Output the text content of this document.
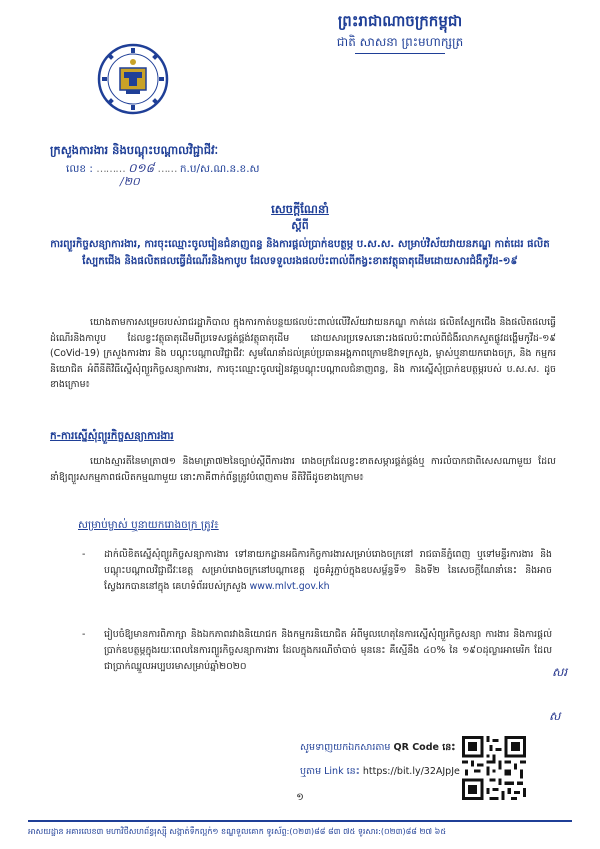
ព្រះរាជាណាចក្រកម្ពុជា
ជាតិ សាសនា ព្រះមហាក្សត្រ
ក្រសួងការងារ និងបណ្តុះបណ្តាលវិជ្ជាជីវៈ
លេខ : ……… ០១៨ …… ក.ប/ស.ណ.ន.ខ.ស
/២០
សេចក្តីណែនាំ
ស្តីពី
ការព្យួរកិច្ចសន្យាការងារ, ការចុះឈ្មោះចូលរៀនជំនាញពន្ធ និងការផ្តល់ប្រាក់ឧបត្ថម្ភ ប.ស.ស. សម្រាប់វិស័យវាយនភណ្ឌ កាត់ដេរ ផលិតស្បែកជើង និងផលិតផលធ្វើដំណើរនិងកាបូប ដែលទទួលរងផលប៉ះពាល់ពីកង្វះខាតវត្ថុធាតុដើមដោយសារជំងឺកូវីដ-១៩
យោងតាមការសម្រេចរបស់រាជរដ្ឋាភិបាល ក្នុងការកាត់បន្ថយផលប៉ះពាល់លើវិស័យវាយនភណ្ឌ កាត់ដេរ ផលិតស្បែកជើង និងផលិតផលធ្វើដំណើរនិងកាបូប ដែលខ្វះវត្ថុធាតុដើមពីប្រទេសផ្គត់ផ្គង់វត្ថុធាតុដើម ដោយសារប្រទេសនោះរងផលប៉ះពាល់ពីជំងឺរលាកសួតផ្លូវដង្ហើមកូវីដ-១៩ (CoVid-19) ក្រសួងការងារ និង បណ្តុះបណ្តាលវិជ្ជាជីវៈ សូមណែនាំដល់គ្រប់ប្រធានអង្គភាពក្រោមឱវាទក្រសួង, ម្ចាស់ឬនាយករោងចក្រ, និង កម្មករនិយោជិត អំពីនីតិវិធីស្នើសុំព្យួរកិច្ចសន្យាការងារ, ការចុះឈ្មោះចូលរៀនវគ្គបណ្តុះបណ្តាលជំនាញពន្ធ, និង ការស្នើសុំប្រាក់ឧបត្ថម្ភរបស់ ប.ស.ស. ដូចខាងក្រោម៖
ក-ការស្នើសុំព្យួរកិច្ចសន្យាការងារ
យោងស្មារតីនៃមាត្រា៧១ និងមាត្រា៧២នៃច្បាប់ស្តីពីការងារ រោងចក្រដែលខ្វះខាតសម្ភារផ្គត់ផ្គង់ឬ ការលំបាកជាពិសេសណាមួយ ដែលនាំឱ្យព្យួរសកម្មភាពផលិតកម្មណាមួយ នោះភាគីពាក់ព័ន្ធត្រូវបំពេញតាម នីតិវិធីដូចខាងក្រោម៖
សម្រាប់ម្ចាស់ ឬនាយករោងចក្រ ត្រូវ៖
- ដាក់លិខិតស្នើសុំព្យួរកិច្ចសន្យាការងារ ទៅនាយកដ្ឋានអធិការកិច្ចការងារសម្រាប់រោងចក្រនៅ រាជធានីភ្នំពេញ ឬទៅមន្ទីរការងារ និងបណ្តុះបណ្តាលវិជ្ជាជីវៈខេត្ត សម្រាប់រោងចក្រនៅបណ្តាខេត្ត ដូចគំរូភ្ជាប់ក្នុងឧបសម្ព័ន្ធទី១ និងទី២ នៃសេចក្តីណែនាំនេះ និងអាចស្វែងរកបាននៅក្នុង គេហទំព័ររបស់ក្រសួង www.mlvt.gov.kh
- រៀបចំឱ្យមានការពិភាក្សា និងឯកភាពរវាងនិយោជក និងកម្មករនិយោជិត អំពីមូលហេតុនៃការស្នើសុំព្យួរកិច្ចសន្យា ការងារ និងការផ្តល់ប្រាក់ឧបត្ថម្ភក្នុងរយៈពេលនៃការព្យួរកិច្ចសន្យាការងារ ដែលក្នុងករណីចាំបាច់ មុននេះ គឺស្មើនឹង ៤០% នៃ ១៩០ដុល្លារអាមេរិក ដែលជាប្រាក់ឈ្នួលអប្បបរមាសម្រាប់ឆ្នាំ២០២០	សរ
ស
សូមទាញយកឯកសារតាម QR Code នេះ
ឬតាម Link នេះ https://bit.ly/32AJpJe
១
អាសយដ្ឋាន អគារលេខ៣ មហាវិថីសហព័ន្ធរុស្ស៊ី សង្កាត់ទឹកល្អក់១ ខណ្ឌទួលគោក ទូរស័ព្ទ:(០២៣)៨៨ ៨៣ ៧៥ ទូរសារ:(០២៣)៨៨ ២៧ ៦៥
